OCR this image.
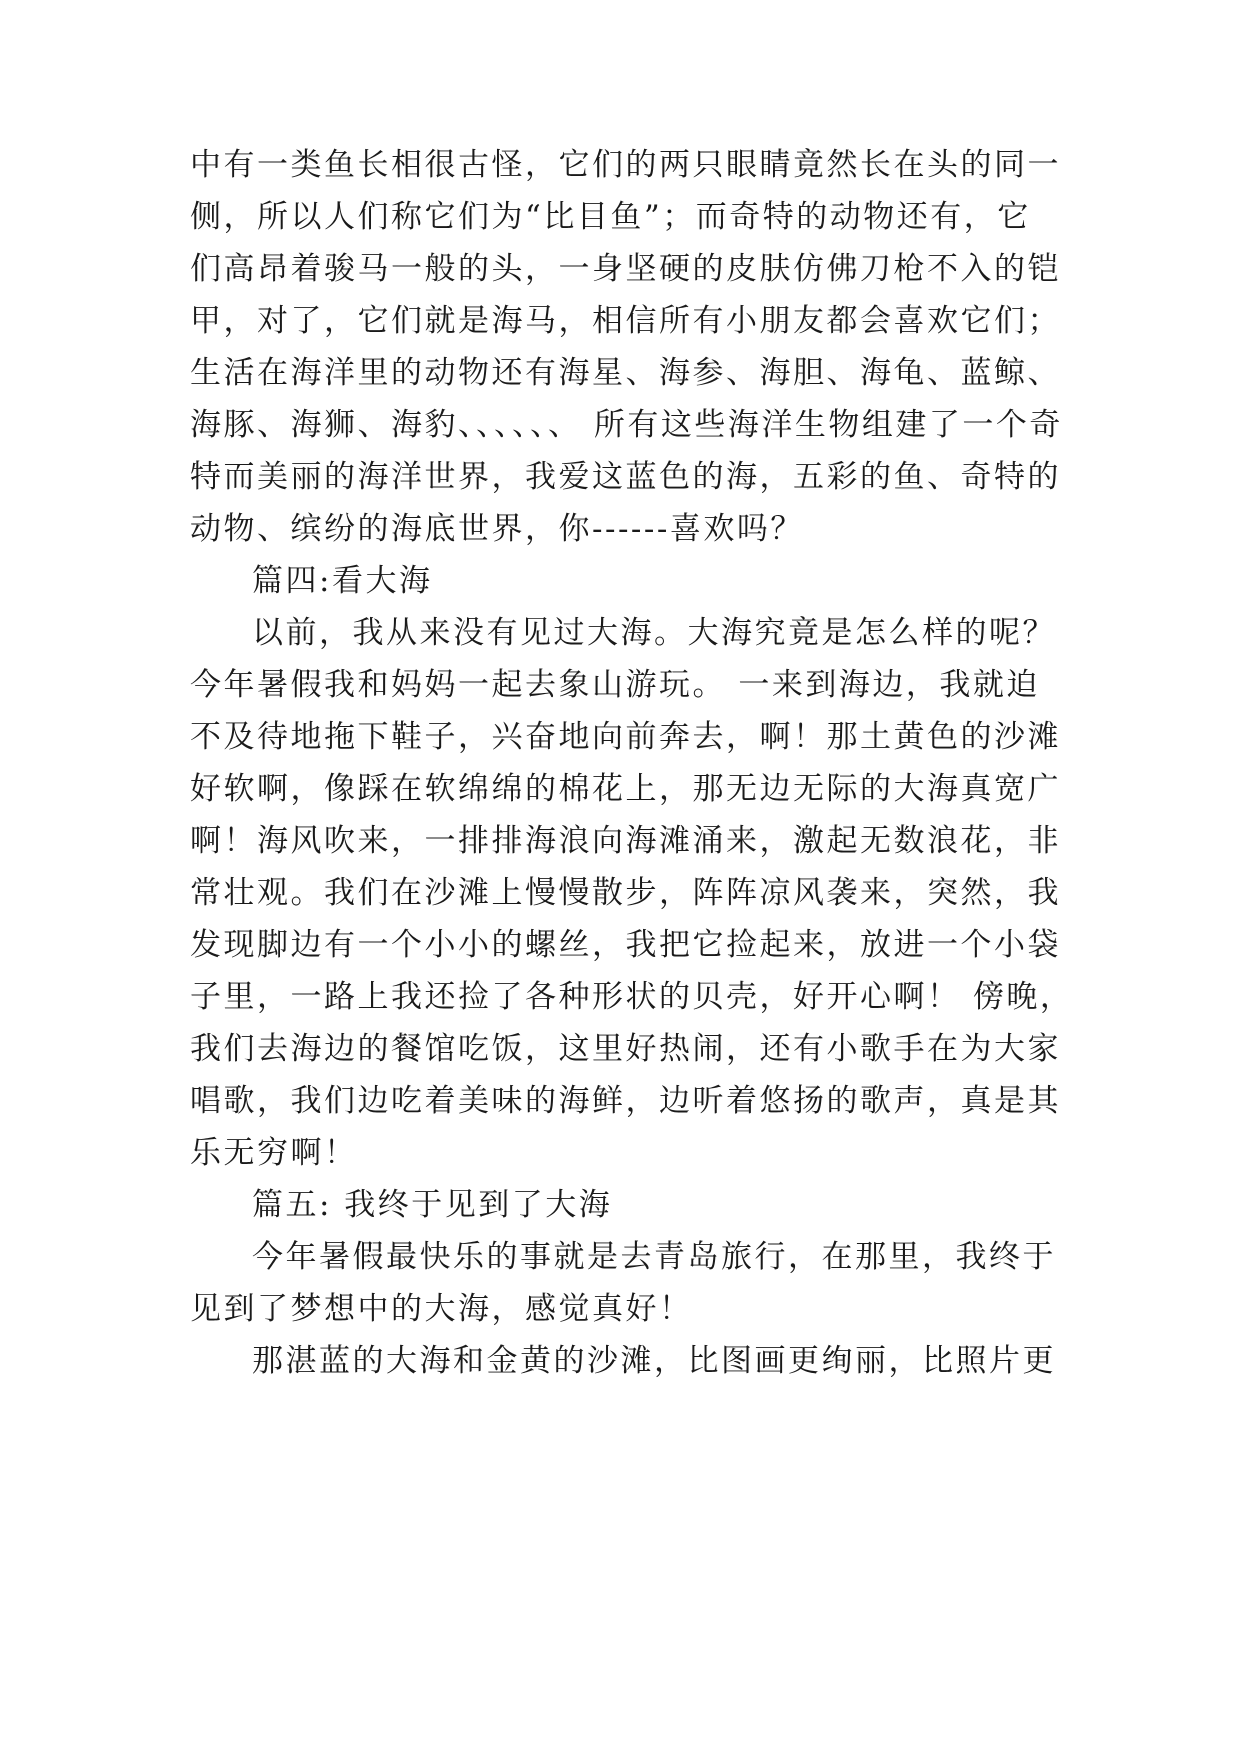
中有一类鱼长相很古怪，它们的两只眼睛竟然长在头的同一
侧，所以人们称它们为“比目鱼”；而奇特的动物还有，它
们高昂着骏马一般的头，一身坚硬的皮肤仿佛刀枪不入的铠
甲，对了，它们就是海马，相信所有小朋友都会喜欢它们；
生活在海洋里的动物还有海星、海参、海胆、海龟、蓝鲸、
海豚、海狮、海豹、、、、、、 所有这些海洋生物组建了一个奇
特而美丽的海洋世界，我爱这蓝色的海，五彩的鱼、奇特的
动物、缤纷的海底世界，你------喜欢吗？
篇四:看大海
以前，我从来没有见过大海。大海究竟是怎么样的呢？
今年暑假我和妈妈一起去象山游玩。 一来到海边，我就迫
不及待地拖下鞋子，兴奋地向前奔去，啊！那土黄色的沙滩
好软啊，像踩在软绵绵的棉花上，那无边无际的大海真宽广
啊！海风吹来，一排排海浪向海滩涌来，激起无数浪花，非
常壮观。我们在沙滩上慢慢散步，阵阵凉风袭来，突然，我
发现脚边有一个小小的螺丝，我把它捡起来，放进一个小袋
子里，一路上我还捡了各种形状的贝壳，好开心啊！ 傍晚，
我们去海边的餐馆吃饭，这里好热闹，还有小歌手在为大家
唱歌，我们边吃着美味的海鲜，边听着悠扬的歌声，真是其
乐无穷啊！
篇五: 我终于见到了大海
今年暑假最快乐的事就是去青岛旅行，在那里，我终于
见到了梦想中的大海，感觉真好！
那湛蓝的大海和金黄的沙滩，比图画更绚丽，比照片更
